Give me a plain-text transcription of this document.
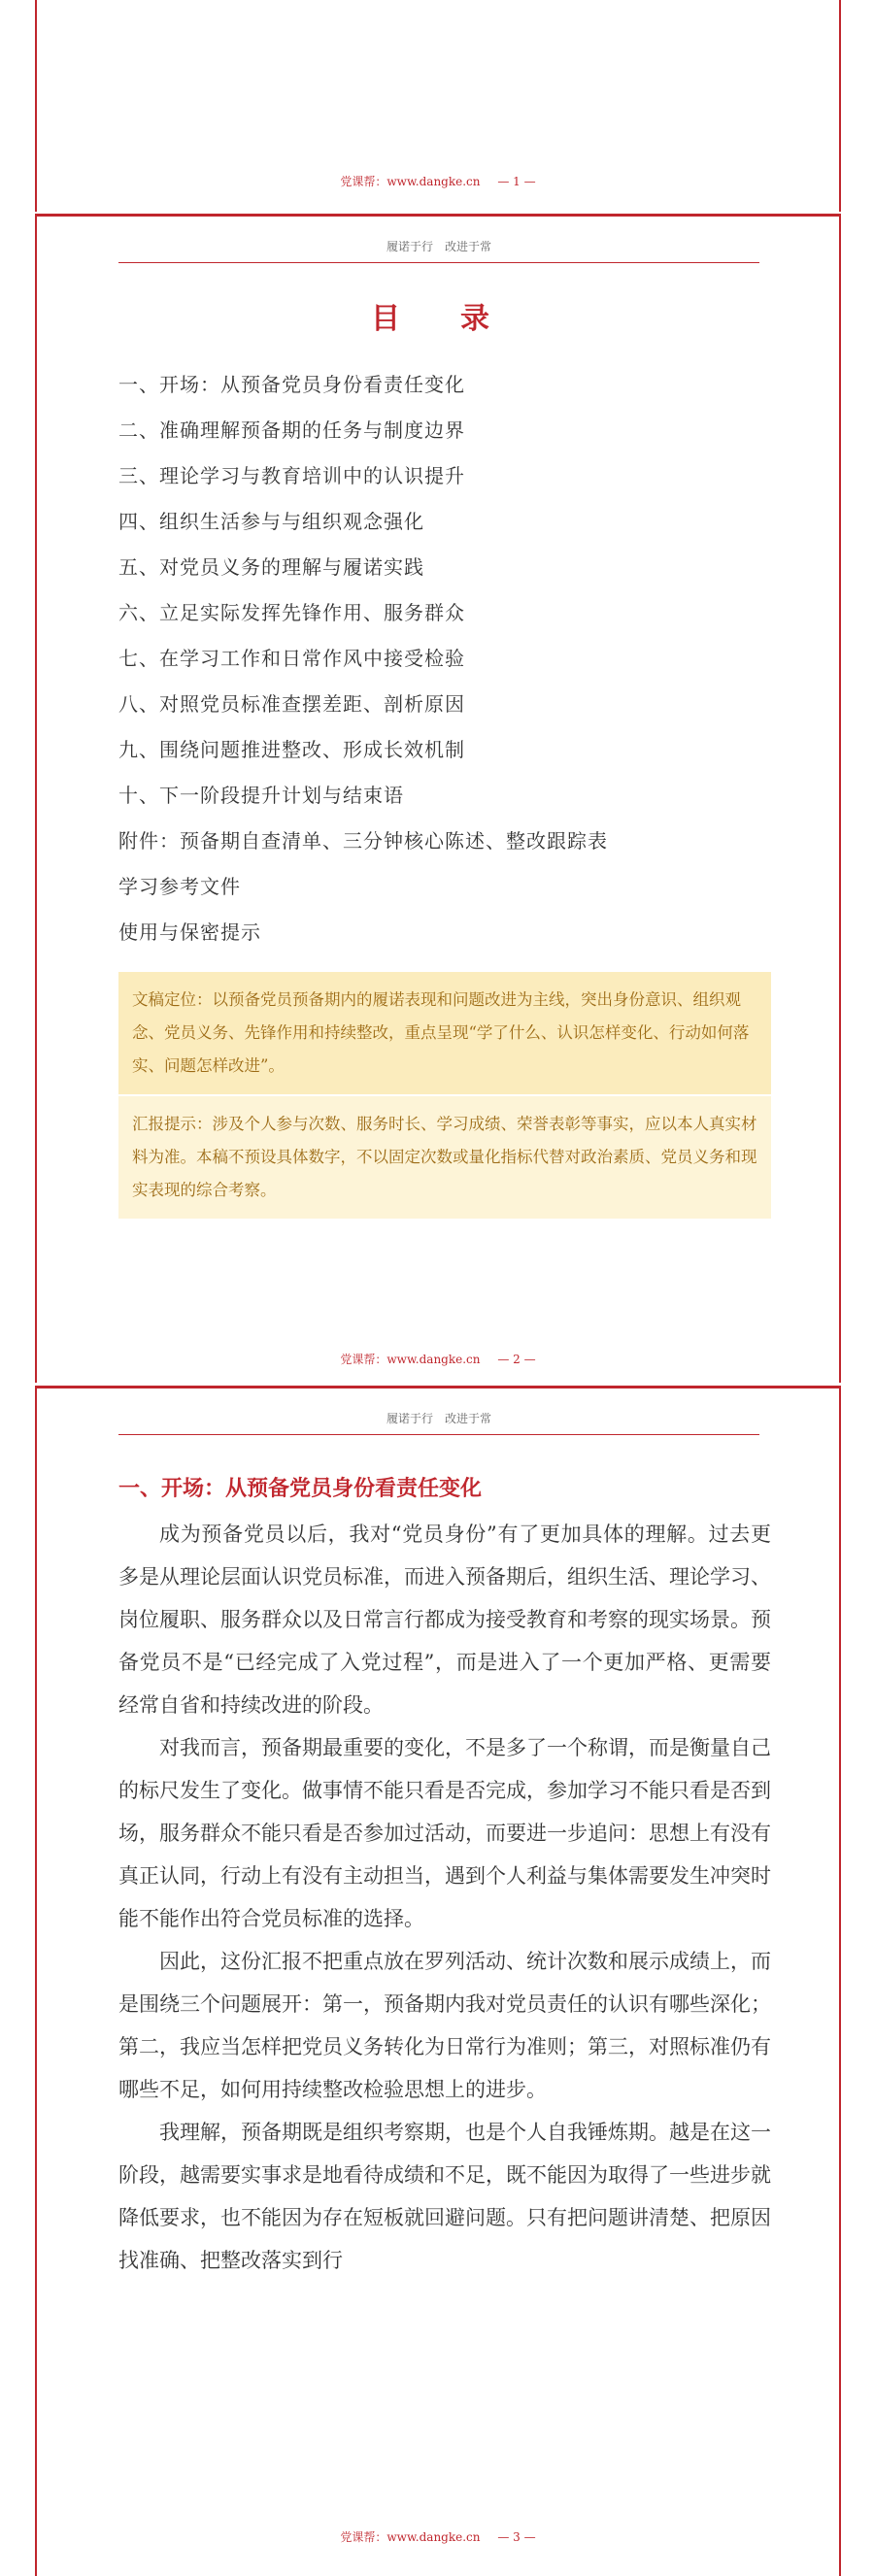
党课帮：www.dangke.cn — 1 —
履诺于行　改进于常
目　录
一、开场：从预备党员身份看责任变化
二、准确理解预备期的任务与制度边界
三、理论学习与教育培训中的认识提升
四、组织生活参与与组织观念强化
五、对党员义务的理解与履诺实践
六、立足实际发挥先锋作用、服务群众
七、在学习工作和日常作风中接受检验
八、对照党员标准查摆差距、剖析原因
九、围绕问题推进整改、形成长效机制
十、下一阶段提升计划与结束语
附件：预备期自查清单、三分钟核心陈述、整改跟踪表
学习参考文件
使用与保密提示
文稿定位：以预备党员预备期内的履诺表现和问题改进为主线，突出身份意识、组织观念、党员义务、先锋作用和持续整改，重点呈现“学了什么、认识怎样变化、行动如何落实、问题怎样改进”。
汇报提示：涉及个人参与次数、服务时长、学习成绩、荣誉表彰等事实，应以本人真实材料为准。本稿不预设具体数字，不以固定次数或量化指标代替对政治素质、党员义务和现实表现的综合考察。
党课帮：www.dangke.cn — 2 —
履诺于行　改进于常
一、开场：从预备党员身份看责任变化

成为预备党员以后，我对“党员身份”有了更加具体的理解。过去更多是从理论层面认识党员标准，而进入预备期后，组织生活、理论学习、岗位履职、服务群众以及日常言行都成为接受教育和考察的现实场景。预备党员不是“已经完成了入党过程”，而是进入了一个更加严格、更需要经常自省和持续改进的阶段。

对我而言，预备期最重要的变化，不是多了一个称谓，而是衡量自己的标尺发生了变化。做事情不能只看是否完成，参加学习不能只看是否到场，服务群众不能只看是否参加过活动，而要进一步追问：思想上有没有真正认同，行动上有没有主动担当，遇到个人利益与集体需要发生冲突时能不能作出符合党员标准的选择。

因此，这份汇报不把重点放在罗列活动、统计次数和展示成绩上，而是围绕三个问题展开：第一，预备期内我对党员责任的认识有哪些深化；第二，我应当怎样把党员义务转化为日常行为准则；第三，对照标准仍有哪些不足，如何用持续整改检验思想上的进步。

我理解，预备期既是组织考察期，也是个人自我锤炼期。越是在这一阶段，越需要实事求是地看待成绩和不足，既不能因为取得了一些进步就降低要求，也不能因为存在短板就回避问题。只有把问题讲清楚、把原因找准确、把整改落实到行

党课帮：www.dangke.cn — 3 —
